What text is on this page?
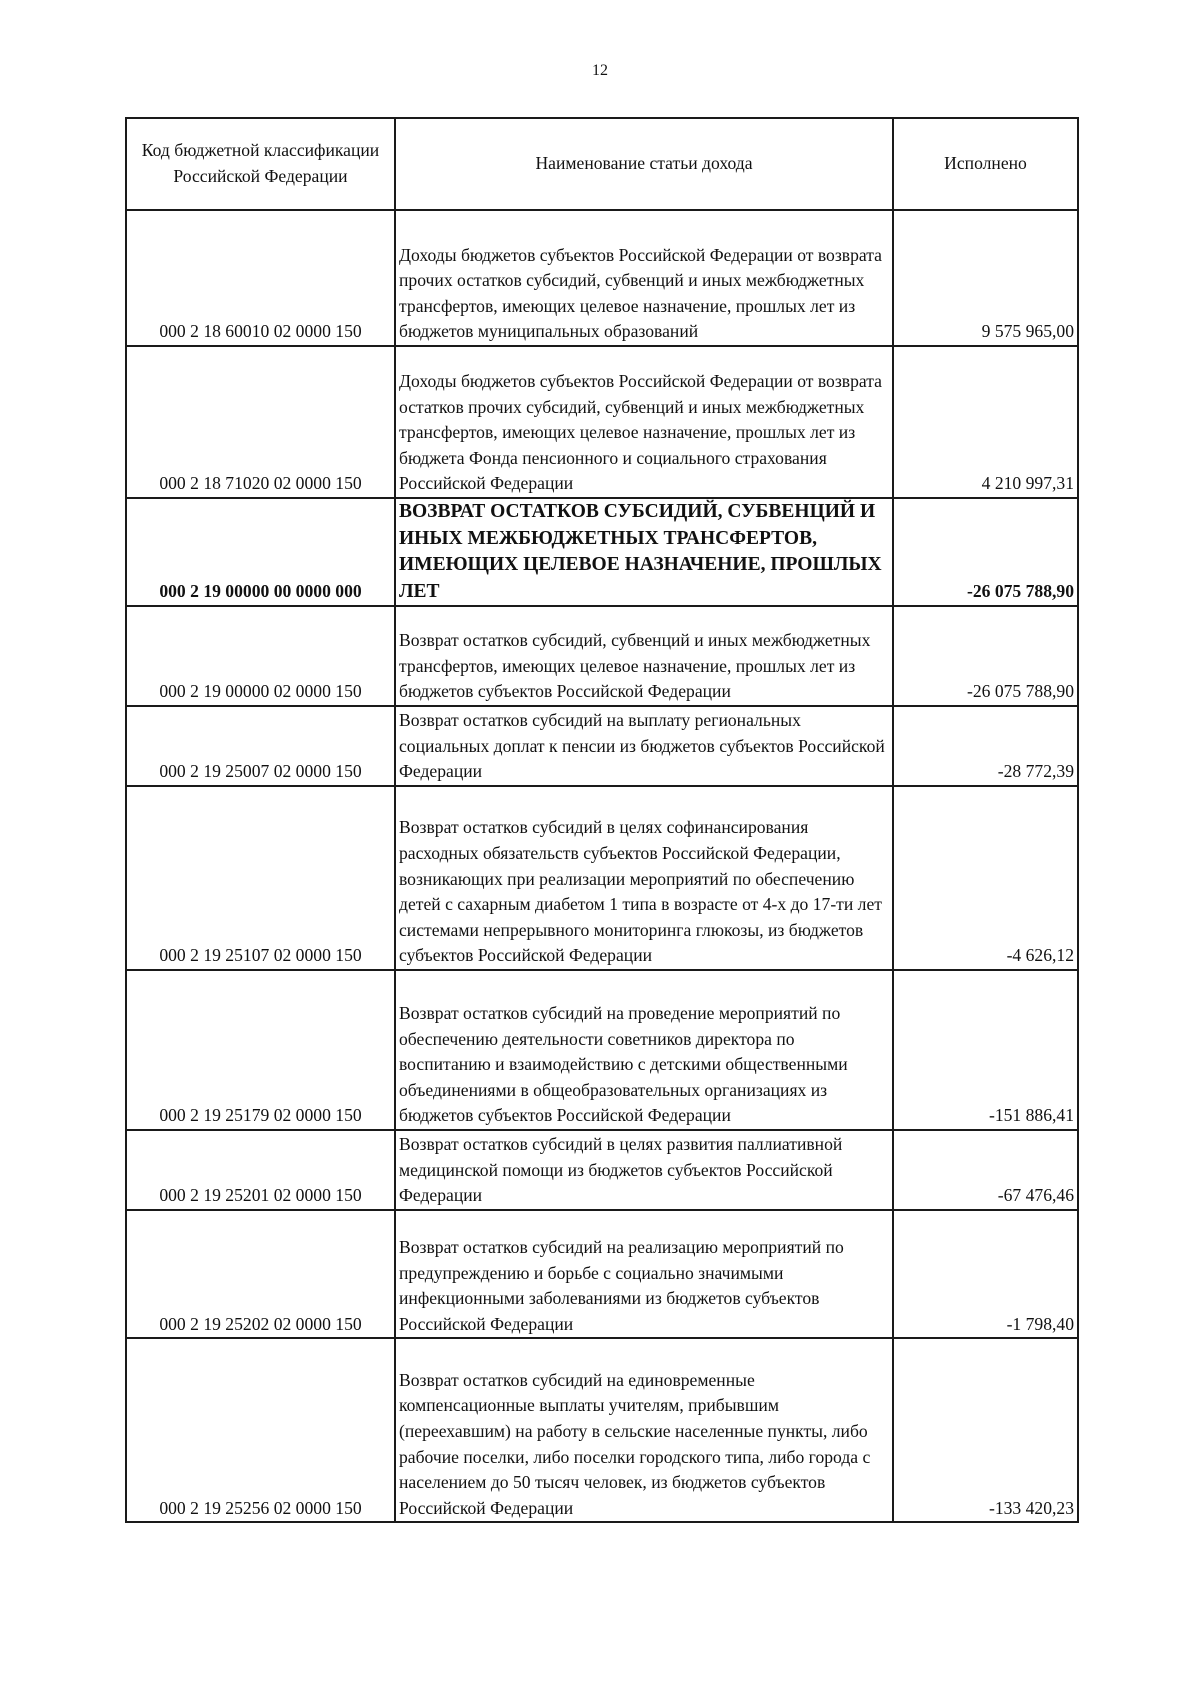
12
Код бюджетной классификации Российской Федерации	Наименование статьи дохода	Исполнено
000 2 18 60010 02 0000 150	Доходы бюджетов субъектов Российской Федерации от возврата прочих остатков субсидий, субвенций и иных межбюджетных трансфертов, имеющих целевое назначение, прошлых лет из бюджетов муниципальных образований	9 575 965,00
000 2 18 71020 02 0000 150	Доходы бюджетов субъектов Российской Федерации от возврата остатков прочих субсидий, субвенций и иных межбюджетных трансфертов, имеющих целевое назначение, прошлых лет из бюджета Фонда пенсионного и социального страхования Российской Федерации	4 210 997,31
000 2 19 00000 00 0000 000	ВОЗВРАТ ОСТАТКОВ СУБСИДИЙ, СУБВЕНЦИЙ И ИНЫХ МЕЖБЮДЖЕТНЫХ ТРАНСФЕРТОВ, ИМЕЮЩИХ ЦЕЛЕВОЕ НАЗНАЧЕНИЕ, ПРОШЛЫХ ЛЕТ	-26 075 788,90
000 2 19 00000 02 0000 150	Возврат остатков субсидий, субвенций и иных межбюджетных трансфертов, имеющих целевое назначение, прошлых лет из бюджетов субъектов Российской Федерации	-26 075 788,90
000 2 19 25007 02 0000 150	Возврат остатков субсидий на выплату региональных социальных доплат к пенсии из бюджетов субъектов Российской Федерации	-28 772,39
000 2 19 25107 02 0000 150	Возврат остатков субсидий в целях софинансирования расходных обязательств субъектов Российской Федерации, возникающих при реализации мероприятий по обеспечению детей с сахарным диабетом 1 типа в возрасте от 4-х до 17-ти лет системами непрерывного мониторинга глюкозы, из бюджетов субъектов Российской Федерации	-4 626,12
000 2 19 25179 02 0000 150	Возврат остатков субсидий на проведение мероприятий по обеспечению деятельности советников директора по воспитанию и взаимодействию с детскими общественными объединениями в общеобразовательных организациях из бюджетов субъектов Российской Федерации	-151 886,41
000 2 19 25201 02 0000 150	Возврат остатков субсидий в целях развития паллиативной медицинской помощи из бюджетов субъектов Российской Федерации	-67 476,46
000 2 19 25202 02 0000 150	Возврат остатков субсидий на реализацию мероприятий по предупреждению и борьбе с социально значимыми инфекционными заболеваниями из бюджетов субъектов Российской Федерации	-1 798,40
000 2 19 25256 02 0000 150	Возврат остатков субсидий на единовременные компенсационные выплаты учителям, прибывшим (переехавшим) на работу в сельские населенные пункты, либо рабочие поселки, либо поселки городского типа, либо города с населением до 50 тысяч человек, из бюджетов субъектов Российской Федерации	-133 420,23
